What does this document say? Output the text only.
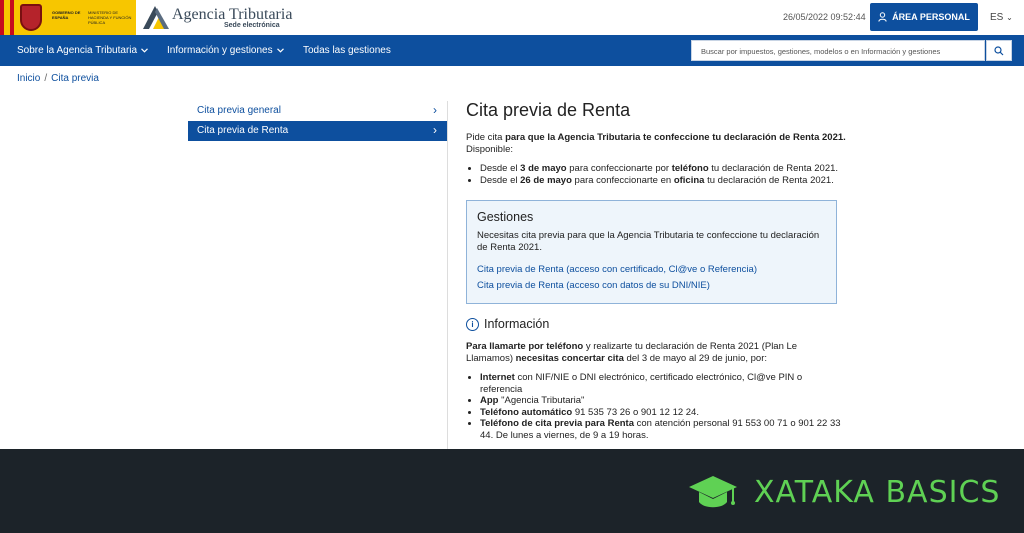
GOBIERNO DE ESPAÑA
MINISTERIO DE HACIENDA Y FUNCIÓN PÚBLICA	Agencia Tributaria
Sede electrónica
26/05/2022 09:52:44	ÁREA PERSONAL ES ⌄
Sobre la Agencia Tributaria	Información y gestiones	Todas las gestiones	Buscar por impuestos, gestiones, modelos o en Información y gestiones
Inicio / Cita previa
Cita previa general	›
Cita previa de Renta	›
Cita previa de Renta
Pide cita para que la Agencia Tributaria te confeccione tu declaración de Renta 2021.
Disponible:
• Desde el 3 de mayo para confeccionarte por teléfono tu declaración de Renta 2021.
• Desde el 26 de mayo para confeccionarte en oficina tu declaración de Renta 2021.
Gestiones
Necesitas cita previa para que la Agencia Tributaria te confeccione tu declaración de Renta 2021.
Cita previa de Renta (acceso con certificado, Cl@ve o Referencia)
Cita previa de Renta (acceso con datos de su DNI/NIE)
i Información
Para llamarte por teléfono y realizarte tu declaración de Renta 2021 (Plan Le Llamamos) necesitas concertar cita del 3 de mayo al 29 de junio, por:
• Internet con NIF/NIE o DNI electrónico, certificado electrónico, Cl@ve PIN o referencia
• App "Agencia Tributaria"
• Teléfono automático 91 535 73 26 o 901 12 12 24.
• Teléfono de cita previa para Renta con atención personal 91 553 00 71 o 901 22 33 44. De lunes a viernes, de 9 a 19 horas.
XATAKA BASICS
